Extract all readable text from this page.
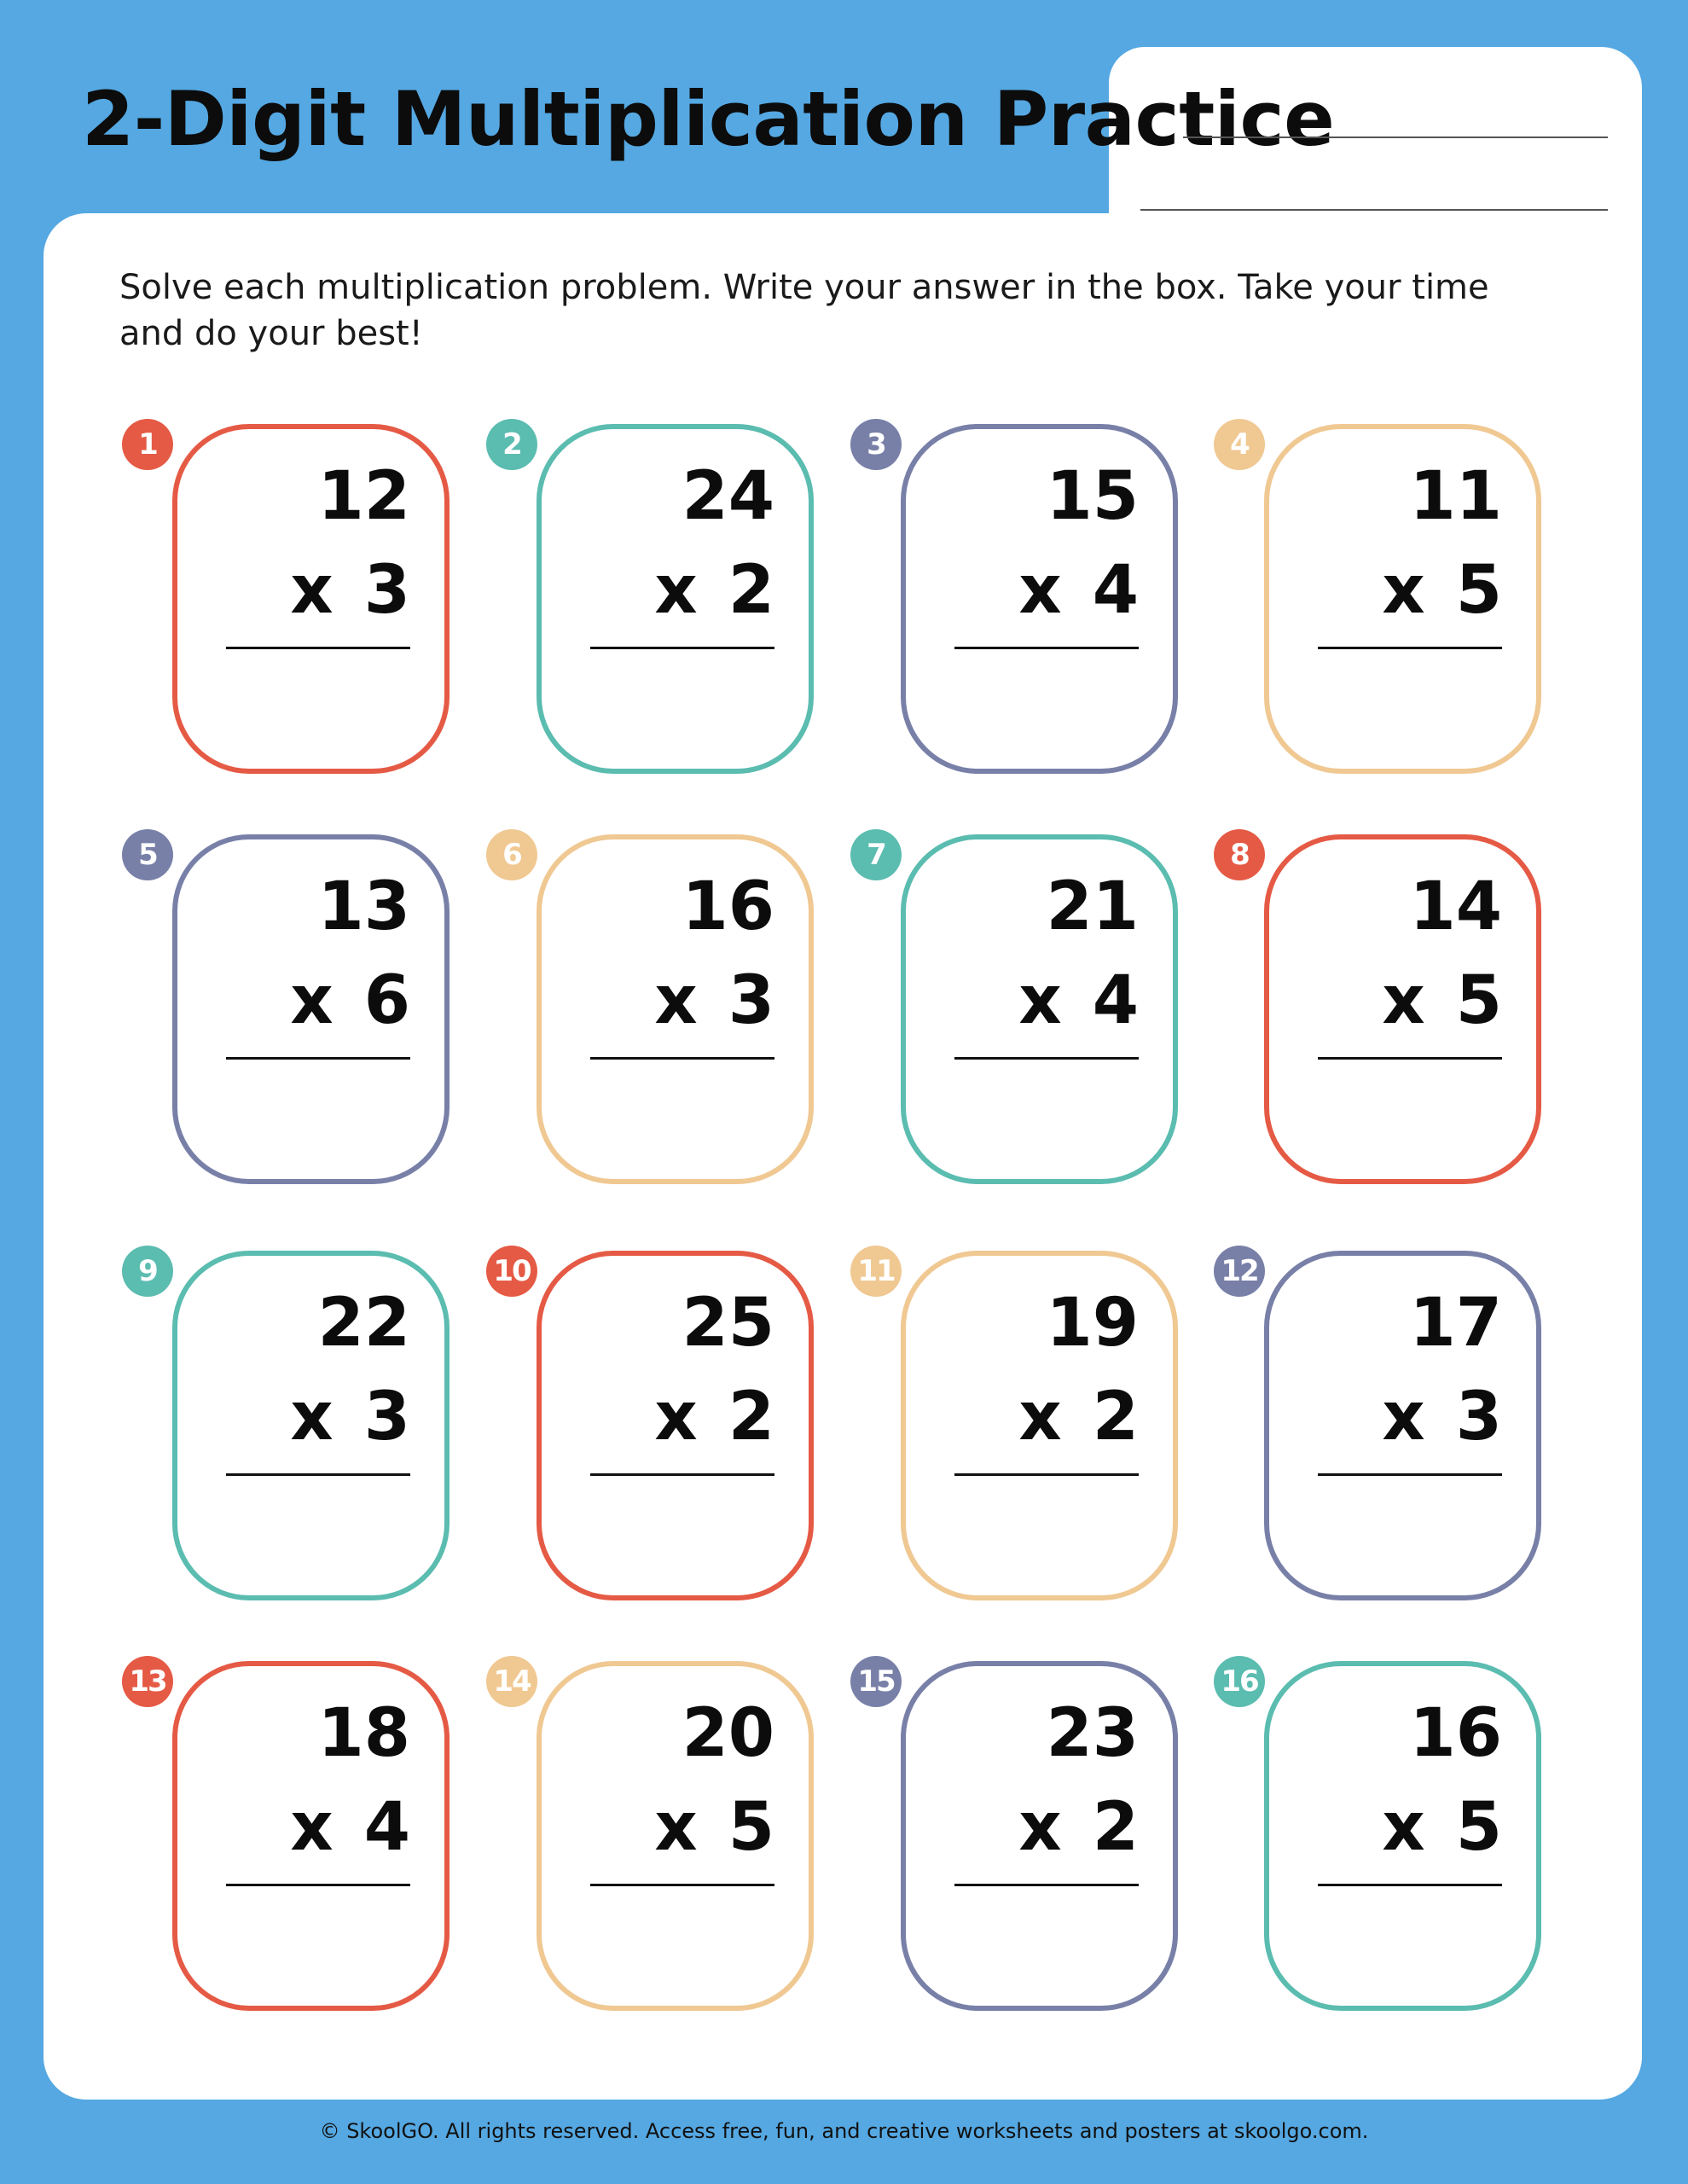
2-Digit Multiplication Practice

Solve each multiplication problem. Write your answer in the box. Take your time and do your best!

12
x 3
1
24
x 2
2
15
x 4
3
11
x 5
4
13
x 6
5
16
x 3
6
21
x 4
7
14
x 5
8
22
x 3
9
25
x 2
10
19
x 2
11
17
x 3
12
18
x 4
13
20
x 5
14
23
x 2
15
16
x 5
16

© SkoolGO. All rights reserved. Access free, fun, and creative worksheets and posters at skoolgo.com.
